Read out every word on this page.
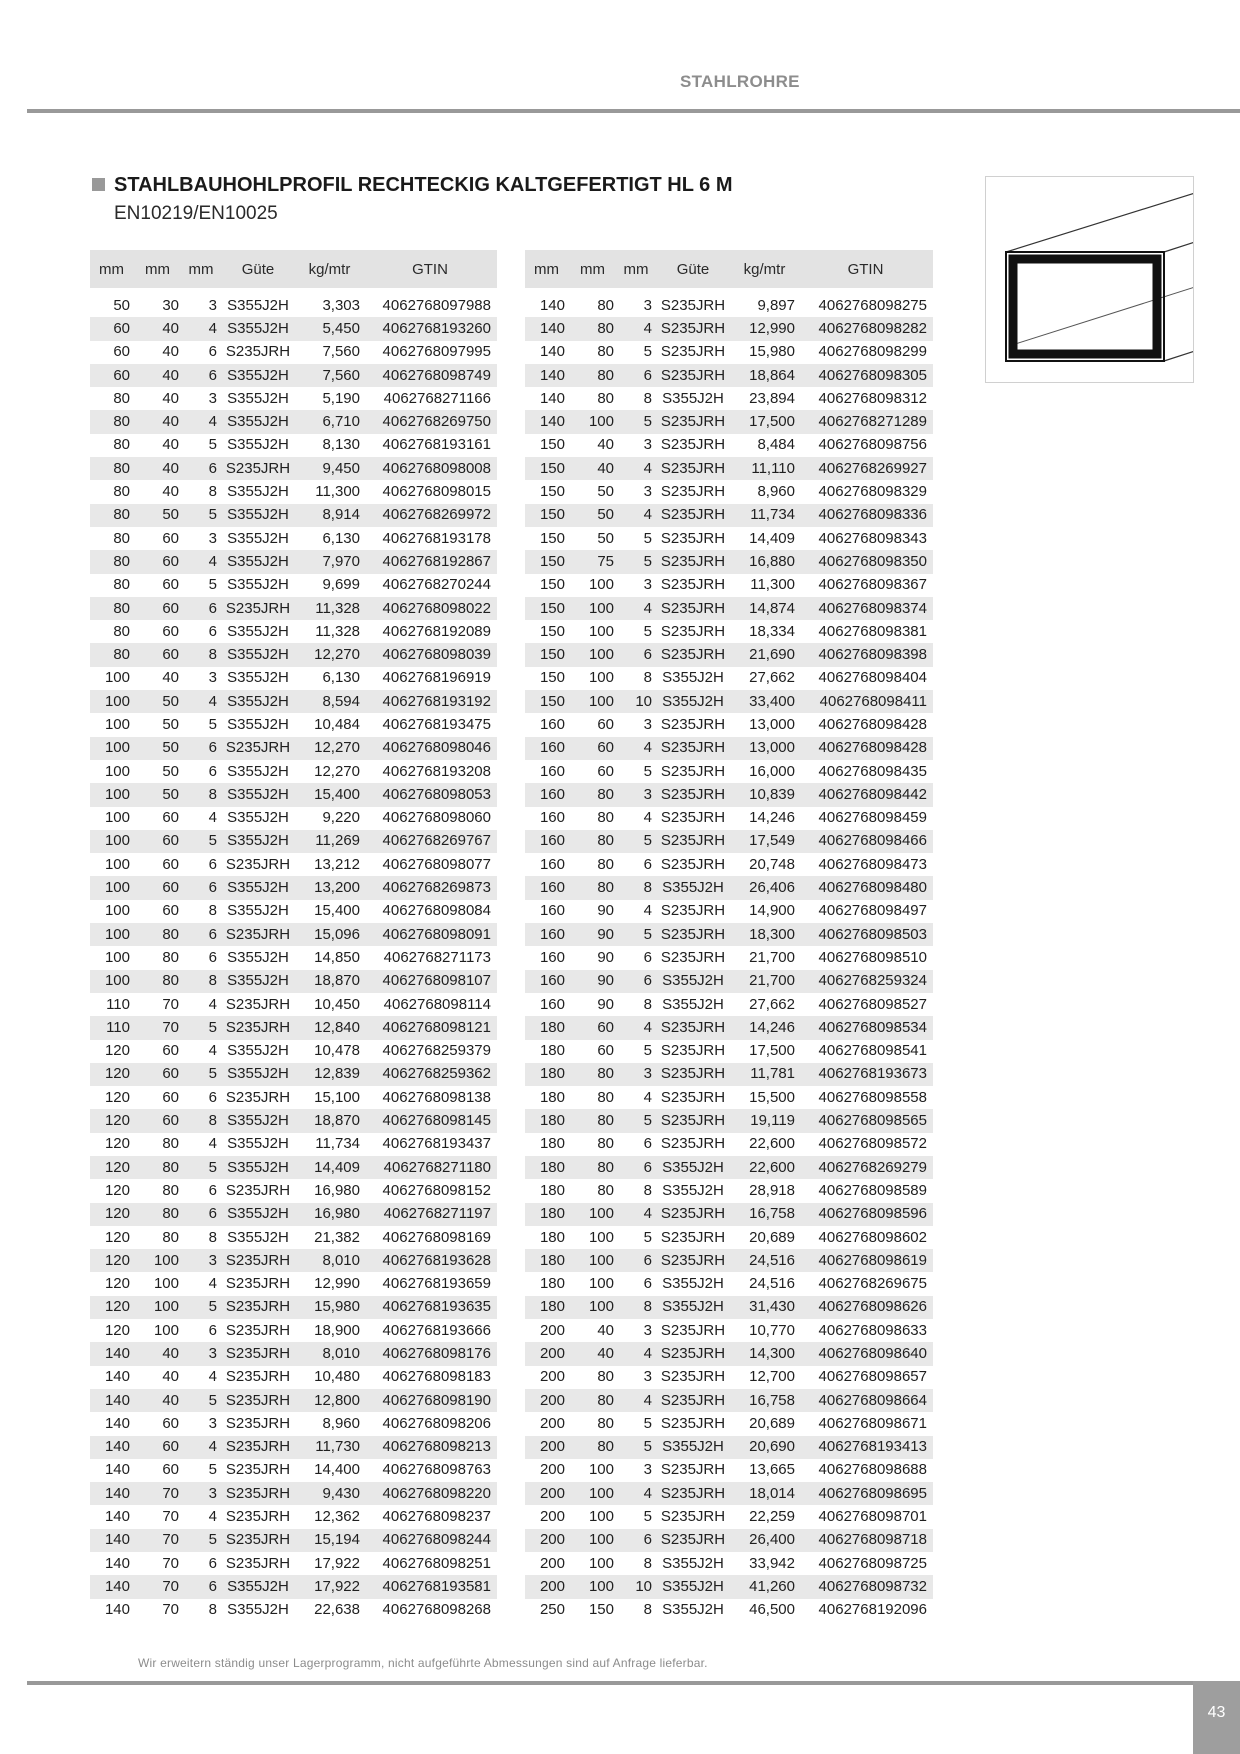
STAHLROHRE
STAHLBAUHOHLPROFIL RECHTECKIG KALTGEFERTIGT HL 6 M
EN10219/EN10025
mm	mm	mm	Güte	kg/mtr	GTIN
50	30	3	S355J2H	3,303	4062768097988
60	40	4	S355J2H	5,450	4062768193260
60	40	6	S235JRH	7,560	4062768097995
60	40	6	S355J2H	7,560	4062768098749
80	40	3	S355J2H	5,190	4062768271166
80	40	4	S355J2H	6,710	4062768269750
80	40	5	S355J2H	8,130	4062768193161
80	40	6	S235JRH	9,450	4062768098008
80	40	8	S355J2H	11,300	4062768098015
80	50	5	S355J2H	8,914	4062768269972
80	60	3	S355J2H	6,130	4062768193178
80	60	4	S355J2H	7,970	4062768192867
80	60	5	S355J2H	9,699	4062768270244
80	60	6	S235JRH	11,328	4062768098022
80	60	6	S355J2H	11,328	4062768192089
80	60	8	S355J2H	12,270	4062768098039
100	40	3	S355J2H	6,130	4062768196919
100	50	4	S355J2H	8,594	4062768193192
100	50	5	S355J2H	10,484	4062768193475
100	50	6	S235JRH	12,270	4062768098046
100	50	6	S355J2H	12,270	4062768193208
100	50	8	S355J2H	15,400	4062768098053
100	60	4	S355J2H	9,220	4062768098060
100	60	5	S355J2H	11,269	4062768269767
100	60	6	S235JRH	13,212	4062768098077
100	60	6	S355J2H	13,200	4062768269873
100	60	8	S355J2H	15,400	4062768098084
100	80	6	S235JRH	15,096	4062768098091
100	80	6	S355J2H	14,850	4062768271173
100	80	8	S355J2H	18,870	4062768098107
110	70	4	S235JRH	10,450	4062768098114
110	70	5	S235JRH	12,840	4062768098121
120	60	4	S355J2H	10,478	4062768259379
120	60	5	S355J2H	12,839	4062768259362
120	60	6	S235JRH	15,100	4062768098138
120	60	8	S355J2H	18,870	4062768098145
120	80	4	S355J2H	11,734	4062768193437
120	80	5	S355J2H	14,409	4062768271180
120	80	6	S235JRH	16,980	4062768098152
120	80	6	S355J2H	16,980	4062768271197
120	80	8	S355J2H	21,382	4062768098169
120	100	3	S235JRH	8,010	4062768193628
120	100	4	S235JRH	12,990	4062768193659
120	100	5	S235JRH	15,980	4062768193635
120	100	6	S235JRH	18,900	4062768193666
140	40	3	S235JRH	8,010	4062768098176
140	40	4	S235JRH	10,480	4062768098183
140	40	5	S235JRH	12,800	4062768098190
140	60	3	S235JRH	8,960	4062768098206
140	60	4	S235JRH	11,730	4062768098213
140	60	5	S235JRH	14,400	4062768098763
140	70	3	S235JRH	9,430	4062768098220
140	70	4	S235JRH	12,362	4062768098237
140	70	5	S235JRH	15,194	4062768098244
140	70	6	S235JRH	17,922	4062768098251
140	70	6	S355J2H	17,922	4062768193581
140	70	8	S355J2H	22,638	4062768098268
mm	mm	mm	Güte	kg/mtr	GTIN
140	80	3	S235JRH	9,897	4062768098275
140	80	4	S235JRH	12,990	4062768098282
140	80	5	S235JRH	15,980	4062768098299
140	80	6	S235JRH	18,864	4062768098305
140	80	8	S355J2H	23,894	4062768098312
140	100	5	S235JRH	17,500	4062768271289
150	40	3	S235JRH	8,484	4062768098756
150	40	4	S235JRH	11,110	4062768269927
150	50	3	S235JRH	8,960	4062768098329
150	50	4	S235JRH	11,734	4062768098336
150	50	5	S235JRH	14,409	4062768098343
150	75	5	S235JRH	16,880	4062768098350
150	100	3	S235JRH	11,300	4062768098367
150	100	4	S235JRH	14,874	4062768098374
150	100	5	S235JRH	18,334	4062768098381
150	100	6	S235JRH	21,690	4062768098398
150	100	8	S355J2H	27,662	4062768098404
150	100	10	S355J2H	33,400	4062768098411
160	60	3	S235JRH	13,000	4062768098428
160	60	4	S235JRH	13,000	4062768098428
160	60	5	S235JRH	16,000	4062768098435
160	80	3	S235JRH	10,839	4062768098442
160	80	4	S235JRH	14,246	4062768098459
160	80	5	S235JRH	17,549	4062768098466
160	80	6	S235JRH	20,748	4062768098473
160	80	8	S355J2H	26,406	4062768098480
160	90	4	S235JRH	14,900	4062768098497
160	90	5	S235JRH	18,300	4062768098503
160	90	6	S235JRH	21,700	4062768098510
160	90	6	S355J2H	21,700	4062768259324
160	90	8	S355J2H	27,662	4062768098527
180	60	4	S235JRH	14,246	4062768098534
180	60	5	S235JRH	17,500	4062768098541
180	80	3	S235JRH	11,781	4062768193673
180	80	4	S235JRH	15,500	4062768098558
180	80	5	S235JRH	19,119	4062768098565
180	80	6	S235JRH	22,600	4062768098572
180	80	6	S355J2H	22,600	4062768269279
180	80	8	S355J2H	28,918	4062768098589
180	100	4	S235JRH	16,758	4062768098596
180	100	5	S235JRH	20,689	4062768098602
180	100	6	S235JRH	24,516	4062768098619
180	100	6	S355J2H	24,516	4062768269675
180	100	8	S355J2H	31,430	4062768098626
200	40	3	S235JRH	10,770	4062768098633
200	40	4	S235JRH	14,300	4062768098640
200	80	3	S235JRH	12,700	4062768098657
200	80	4	S235JRH	16,758	4062768098664
200	80	5	S235JRH	20,689	4062768098671
200	80	5	S355J2H	20,690	4062768193413
200	100	3	S235JRH	13,665	4062768098688
200	100	4	S235JRH	18,014	4062768098695
200	100	5	S235JRH	22,259	4062768098701
200	100	6	S235JRH	26,400	4062768098718
200	100	8	S355J2H	33,942	4062768098725
200	100	10	S355J2H	41,260	4062768098732
250	150	8	S355J2H	46,500	4062768192096
Wir erweitern ständig unser Lagerprogramm, nicht aufgeführte Abmessungen sind auf Anfrage lieferbar.
43
